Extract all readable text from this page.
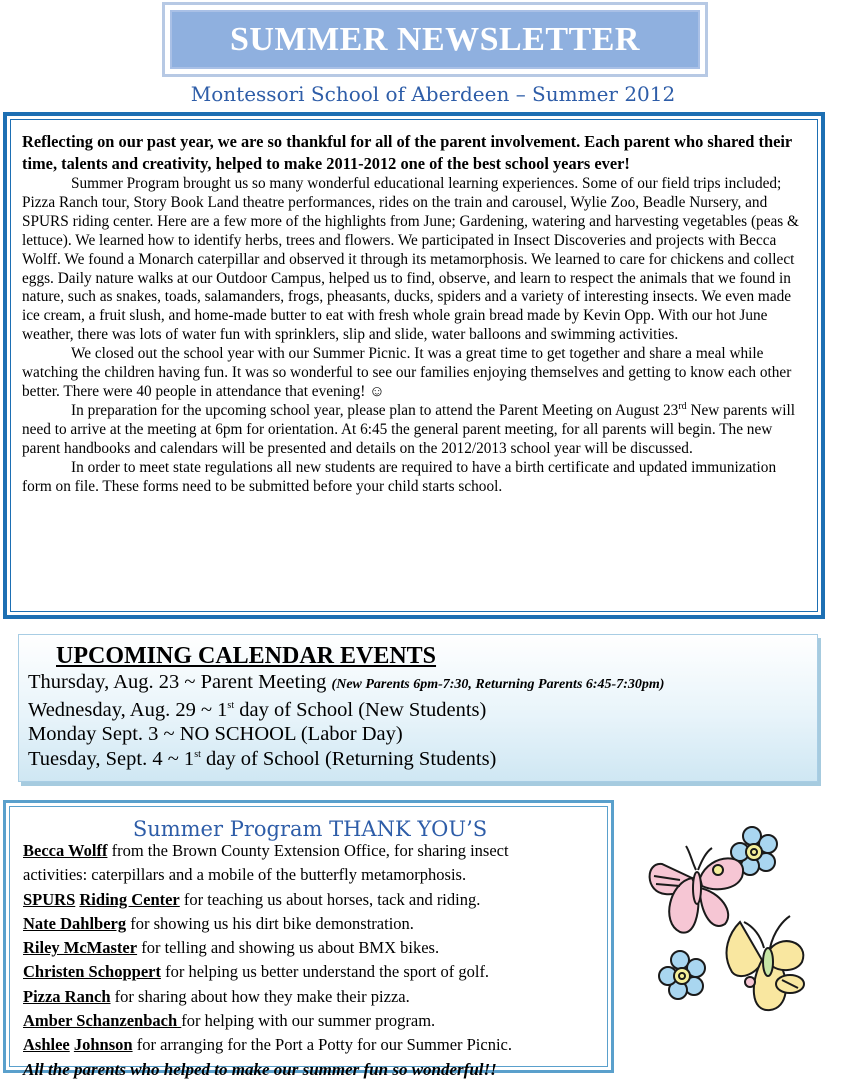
SUMMER NEWSLETTER
Montessori School of Aberdeen – Summer 2012

Reflecting on our past year, we are so thankful for all of the parent involvement. Each parent who shared their time, talents and creativity, helped to make 2011-2012 one of the best school years ever!

Summer Program brought us so many wonderful educational learning experiences. Some of our field trips included; Pizza Ranch tour, Story Book Land theatre performances, rides on the train and carousel, Wylie Zoo, Beadle Nursery, and SPURS riding center. Here are a few more of the highlights from June; Gardening, watering and harvesting vegetables (peas & lettuce). We learned how to identify herbs, trees and flowers. We participated in Insect Discoveries and projects with Becca Wolff. We found a Monarch caterpillar and observed it through its metamorphosis. We learned to care for chickens and collect eggs. Daily nature walks at our Outdoor Campus, helped us to find, observe, and learn to respect the animals that we found in nature, such as snakes, toads, salamanders, frogs, pheasants, ducks, spiders and a variety of interesting insects. We even made ice cream, a fruit slush, and home-made butter to eat with fresh whole grain bread made by Kevin Opp. With our hot June weather, there was lots of water fun with sprinklers, slip and slide, water balloons and swimming activities.

We closed out the school year with our Summer Picnic. It was a great time to get together and share a meal while watching the children having fun. It was so wonderful to see our families enjoying themselves and getting to know each other better. There were 40 people in attendance that evening! ☺

In preparation for the upcoming school year, please plan to attend the Parent Meeting on August 23rd New parents will need to arrive at the meeting at 6pm for orientation. At 6:45 the general parent meeting, for all parents will begin. The new parent handbooks and calendars will be presented and details on the 2012/2013 school year will be discussed.

In order to meet state regulations all new students are required to have a birth certificate and updated immunization form on file. These forms need to be submitted before your child starts school.

UPCOMING CALENDAR EVENTS
Thursday, Aug. 23 ~ Parent Meeting (New Parents 6pm-7:30, Returning Parents 6:45-7:30pm)
Wednesday, Aug. 29 ~ 1st day of School (New Students)
Monday Sept. 3 ~ NO SCHOOL (Labor Day)
Tuesday, Sept. 4 ~ 1st day of School (Returning Students)
Summer Program THANK YOU’S
Becca Wolff from the Brown County Extension Office, for sharing insect
activities: caterpillars and a mobile of the butterfly metamorphosis.
SPURS Riding Center for teaching us about horses, tack and riding.
Nate Dahlberg for showing us his dirt bike demonstration.
Riley McMaster for telling and showing us about BMX bikes.
Christen Schoppert for helping us better understand the sport of golf.
Pizza Ranch for sharing about how they make their pizza.
Amber Schanzenbach for helping with our summer program.
Ashlee Johnson for arranging for the Port a Potty for our Summer Picnic.
All the parents who helped to make our summer fun so wonderful!!
